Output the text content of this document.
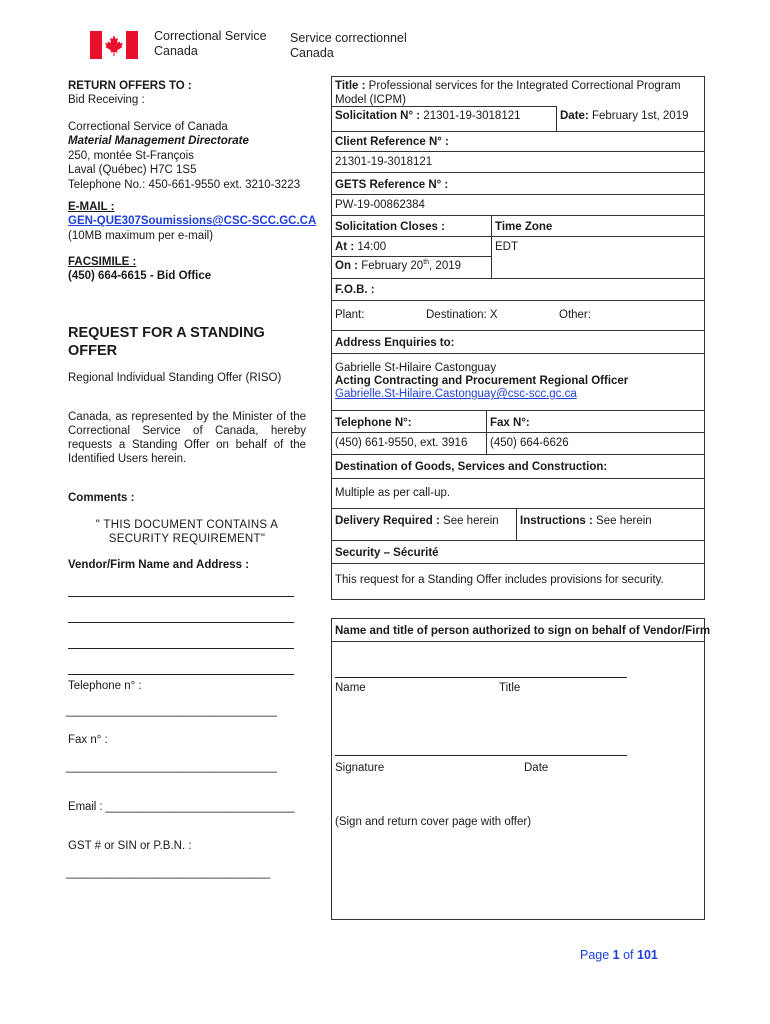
Correctional Service
Canada
Service correctionnel
Canada
RETURN OFFERS TO :
Bid Receiving :
Correctional Service of Canada
Material Management Directorate
250, montée St-François
Laval (Québec) H7C 1S5
Telephone No.: 450-661-9550 ext. 3210-3223
E-MAIL :
GEN-QUE307Soumissions@CSC-SCC.GC.CA
(10MB maximum per e-mail)
FACSIMILE :
(450) 664-6615 - Bid Office
REQUEST FOR A STANDING
OFFER
Regional Individual Standing Offer (RISO)
Canada, as represented by the Minister of the Correctional Service of Canada, hereby requests a Standing Offer on behalf of the Identified Users herein.
Comments :
" THIS DOCUMENT CONTAINS A SECURITY REQUIREMENT"
Vendor/Firm Name and Address :
Telephone n° :
__________________________________
Fax n° :
__________________________________
Email : ______________________________
GST # or SIN or P.B.N. :
__________________________________
Title : Professional services for the Integrated Correctional Program Model (ICPM)
Solicitation N° : 21301-19-3018121	Date: February 1st, 2019
Client Reference N° :
21301-19-3018121
GETS Reference N° :
PW-19-00862384
Solicitation Closes :	Time Zone
At : 14:00	EDT
On : February 20th, 2019
F.O.B. :
Plant:	Destination: X	Other:
Address Enquiries to:
Gabrielle St-Hilaire Castonguay
Acting Contracting and Procurement Regional Officer
Gabrielle.St-Hilaire.Castonguay@csc-scc.gc.ca
Telephone N°:	Fax N°:
(450) 661-9550, ext. 3916 (450) 664-6626
Destination of Goods, Services and Construction:
Multiple as per call-up.
Delivery Required : See herein Instructions : See herein
Security – Sécurité
This request for a Standing Offer includes provisions for security.
Name and title of person authorized to sign on behalf of Vendor/Firm
Name	Title
Signature	Date
(Sign and return cover page with offer)
Page 1 of 101
